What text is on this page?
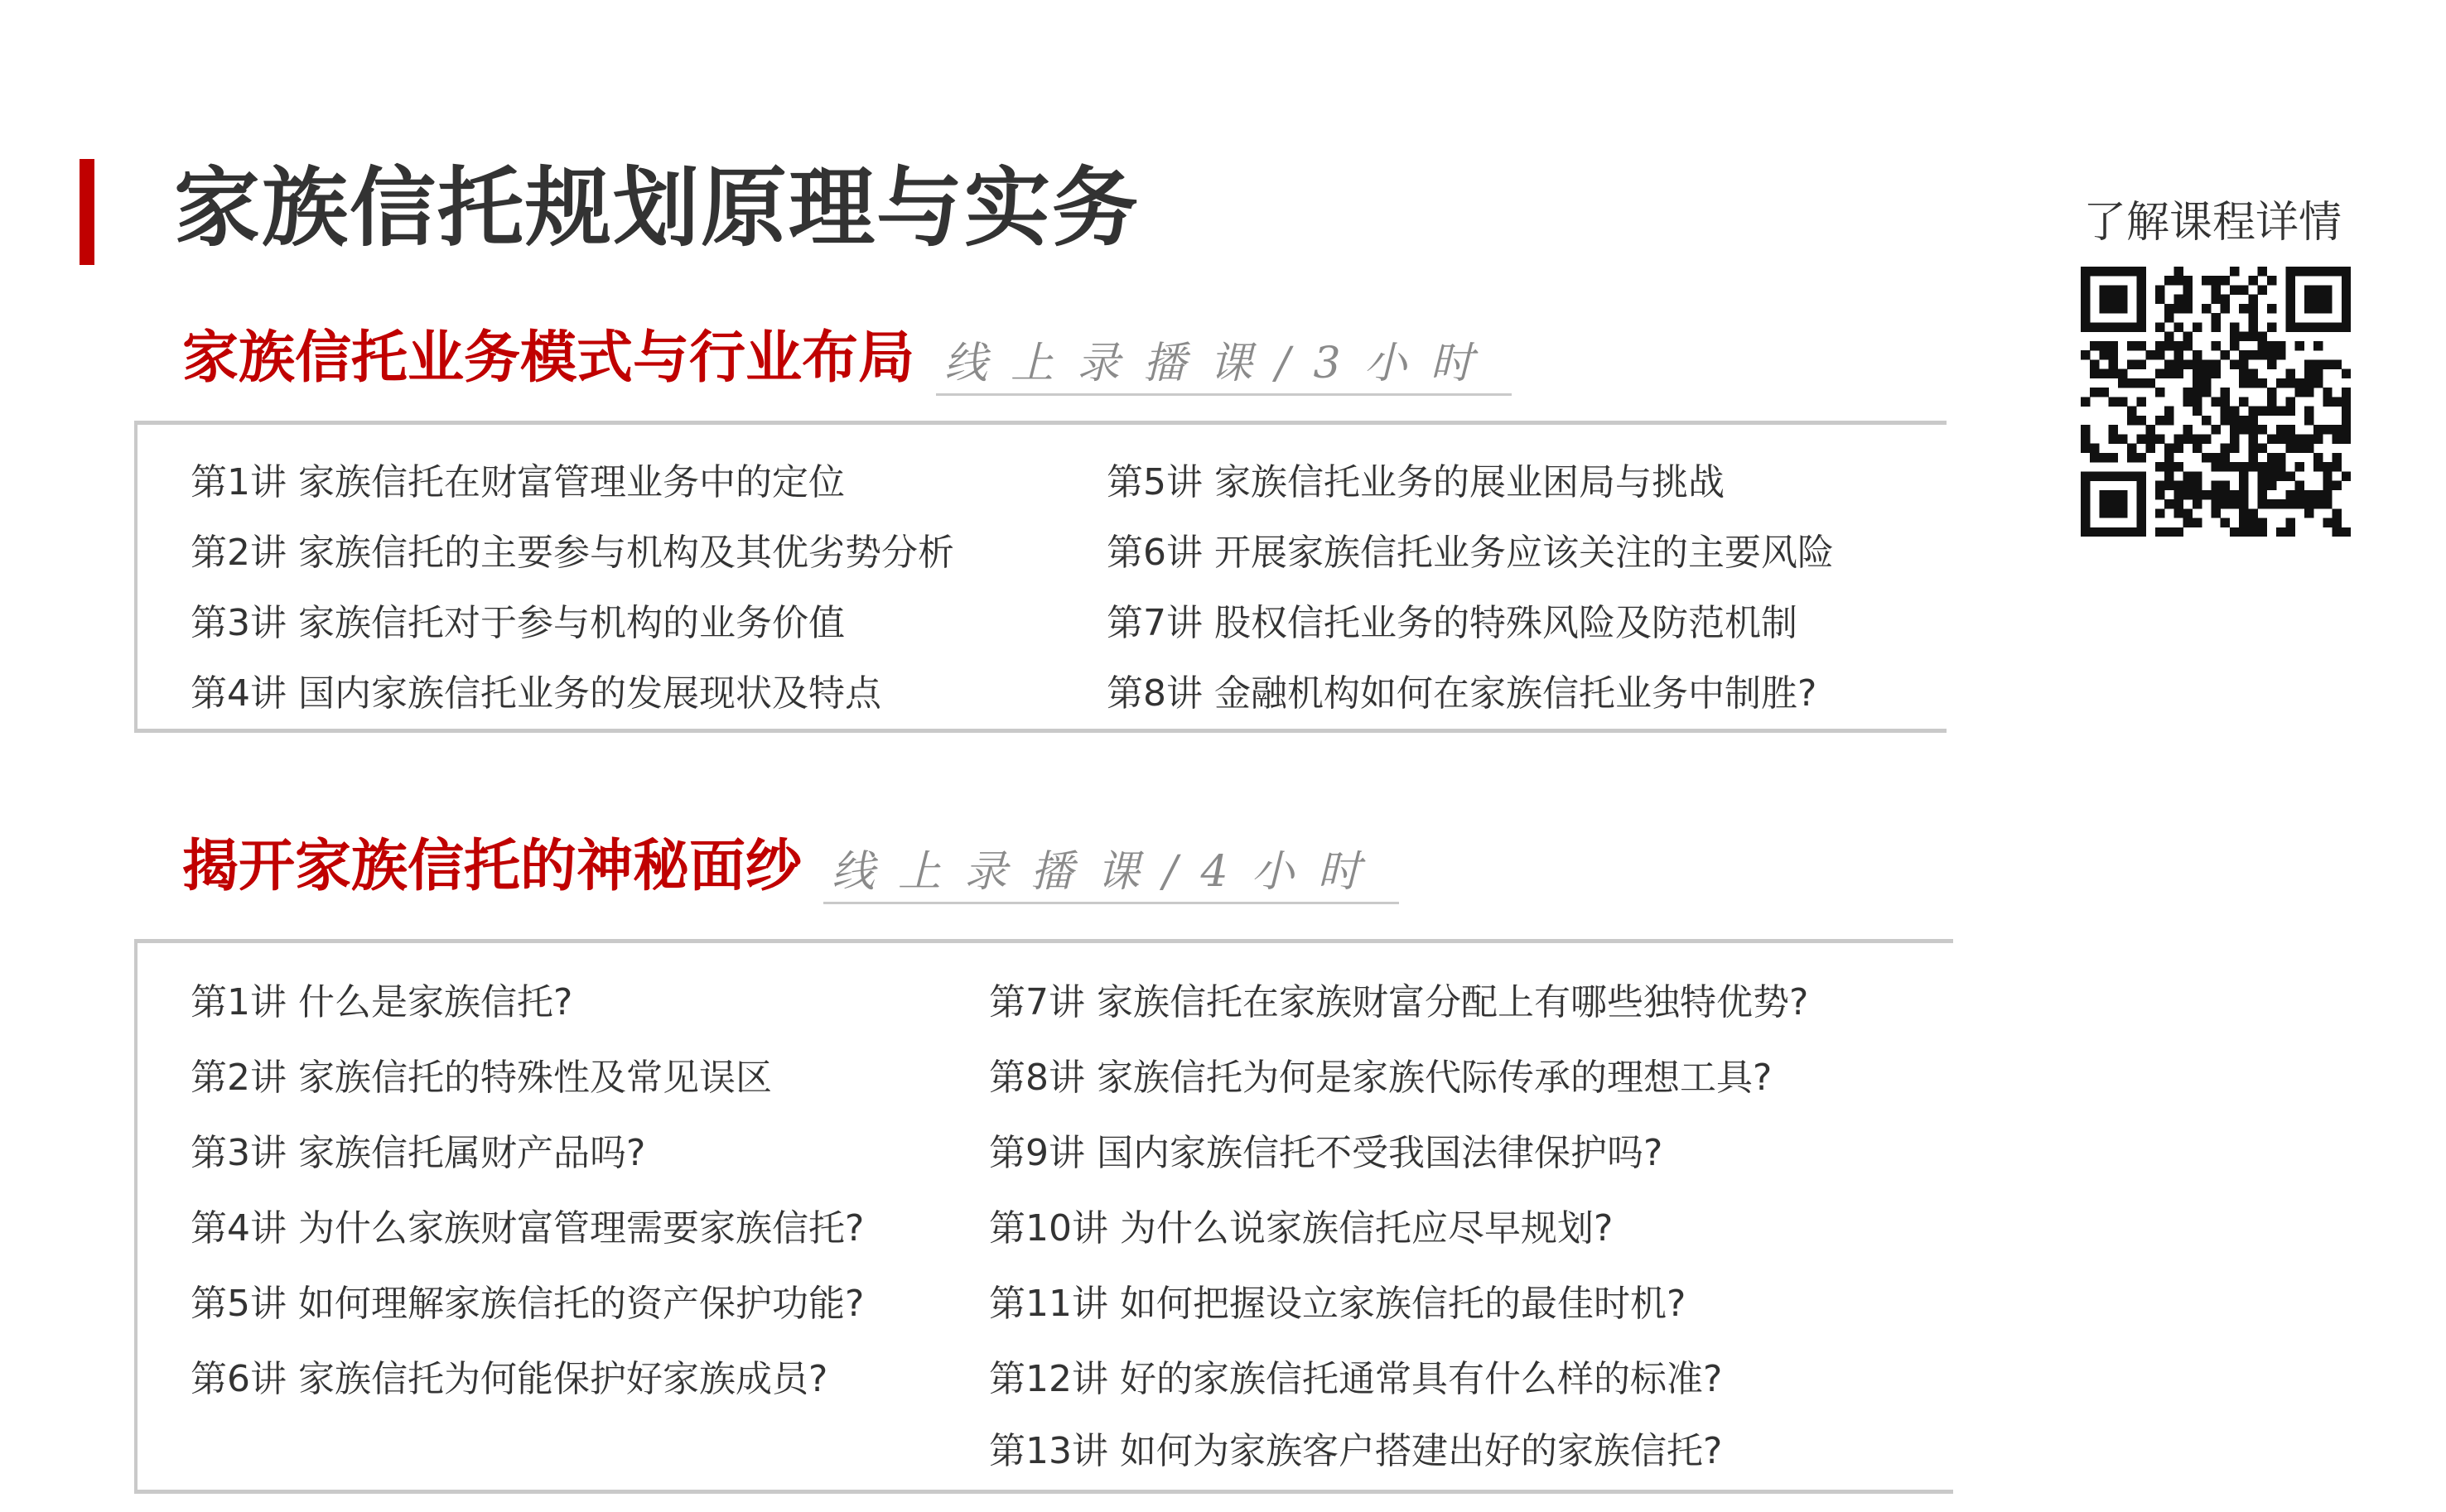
家族信托规划原理与实务	了解课程详情
家族信托业务模式与行业布局 线上录播课/3小时
第1讲 家族信托在财富管理业务中的定位
第2讲 家族信托的主要参与机构及其优劣势分析
第3讲 家族信托对于参与机构的业务价值
第4讲 国内家族信托业务的发展现状及特点
第5讲 家族信托业务的展业困局与挑战
第6讲 开展家族信托业务应该关注的主要风险
第7讲 股权信托业务的特殊风险及防范机制
第8讲 金融机构如何在家族信托业务中制胜?
揭开家族信托的神秘面纱 线上录播课/4小时
第1讲 什么是家族信托?
第2讲 家族信托的特殊性及常见误区
第3讲 家族信托属财产品吗?
第4讲 为什么家族财富管理需要家族信托?
第5讲 如何理解家族信托的资产保护功能?
第6讲 家族信托为何能保护好家族成员?
第7讲 家族信托在家族财富分配上有哪些独特优势?
第8讲 家族信托为何是家族代际传承的理想工具?
第9讲 国内家族信托不受我国法律保护吗?
第10讲 为什么说家族信托应尽早规划?
第11讲 如何把握设立家族信托的最佳时机?
第12讲 好的家族信托通常具有什么样的标准?
第13讲 如何为家族客户搭建出好的家族信托?
